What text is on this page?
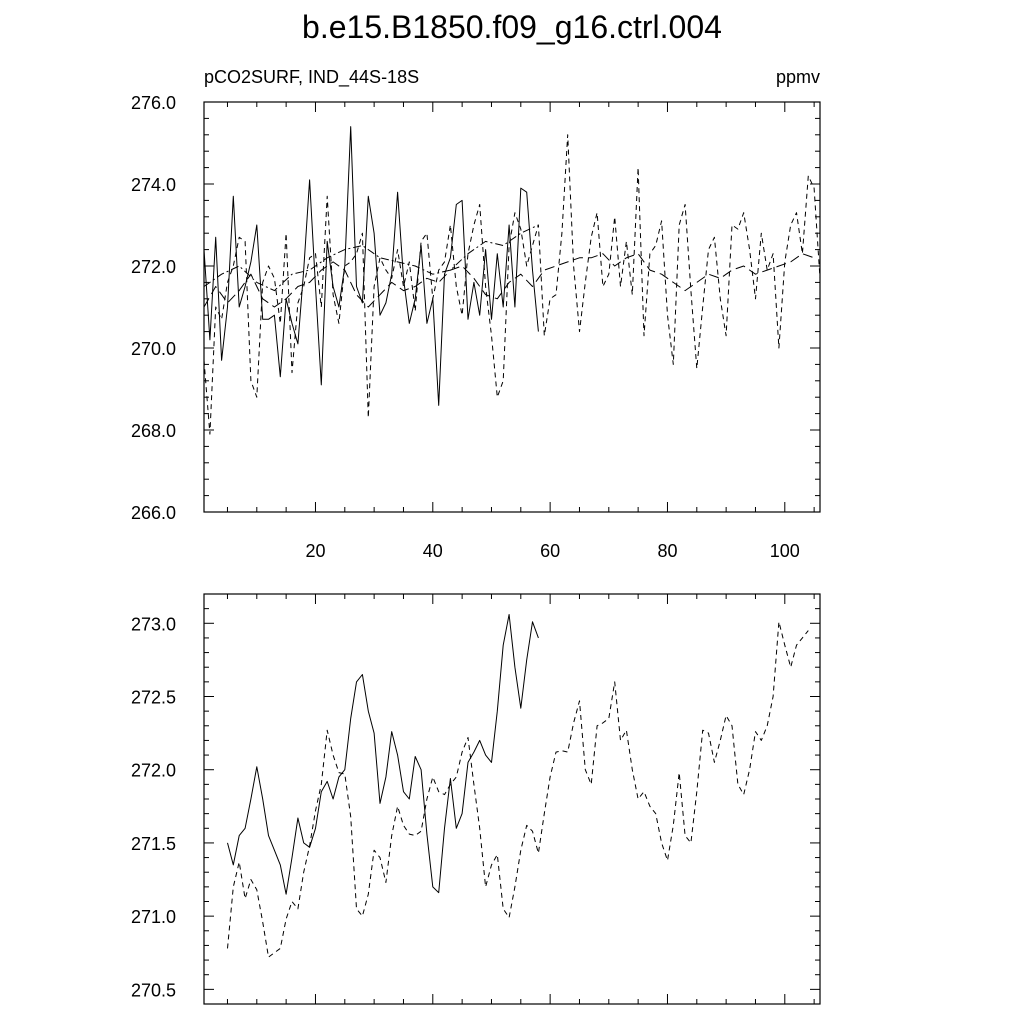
b.e15.B1850.f09_g16.ctrl.004
pCO2SURF, IND_44S-18S	ppmv
20	40	60	80	100
266.0
268.0
270.0
272.0
274.0
276.0
270.5
271.0
271.5
272.0
272.5
273.0
